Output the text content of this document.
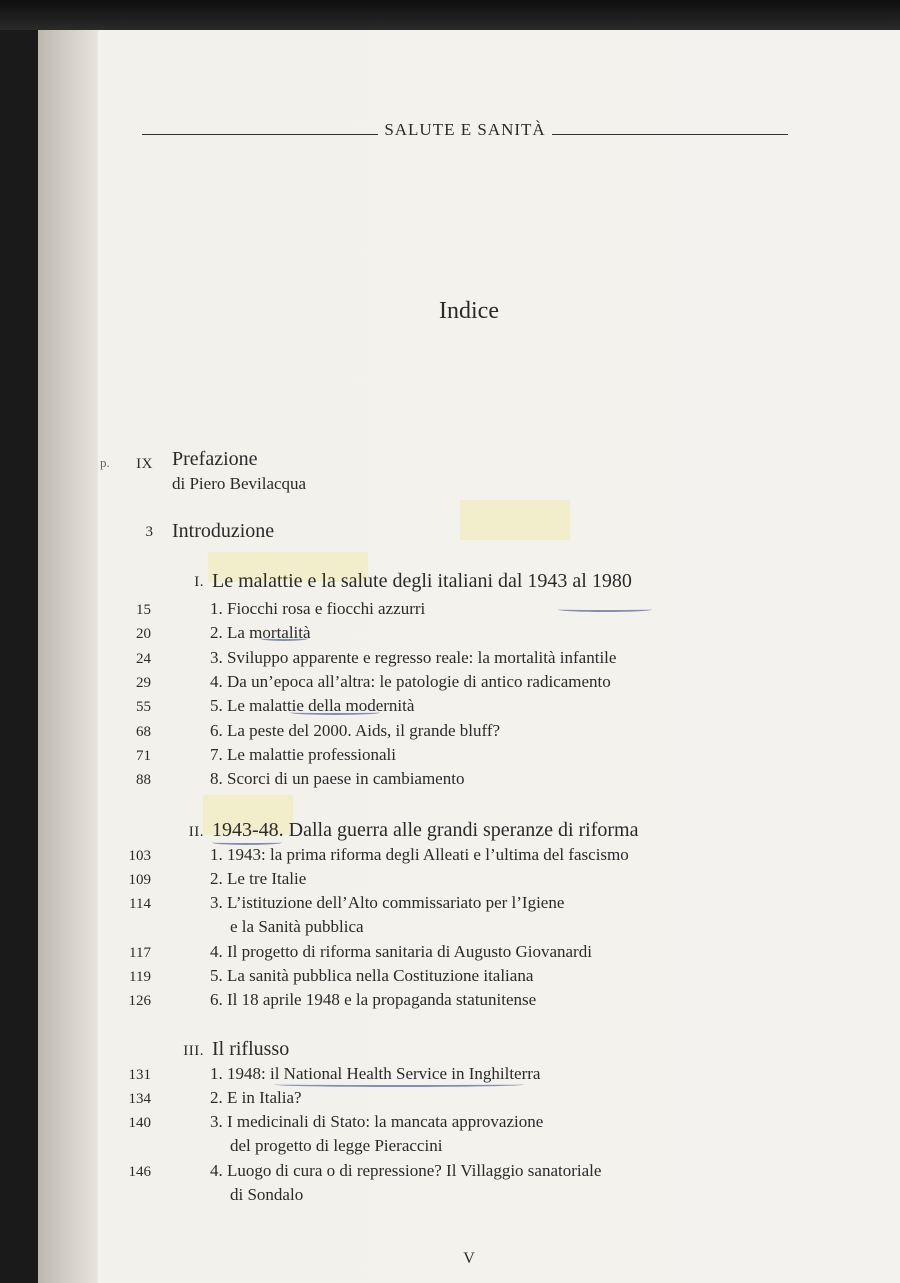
SALUTE E SANITÀ
Indice
p.	IX Prefazione
di Piero Bevilacqua
3 Introduzione
I. Le malattie e la salute degli italiani dal 1943 al 1980
15	1. Fiocchi rosa e fiocchi azzurri
20	2. La mortalità
24	3. Sviluppo apparente e regresso reale: la mortalità infantile
29	4. Da un’epoca all’altra: le patologie di antico radicamento
55	5. Le malattie della modernità
68	6. La peste del 2000. Aids, il grande bluff?
71	7. Le malattie professionali
88	8. Scorci di un paese in cambiamento
II. 1943-48. Dalla guerra alle grandi speranze di riforma
103	1. 1943: la prima riforma degli Alleati e l’ultima del fascismo
109	2. Le tre Italie
114	3. L’istituzione dell’Alto commissariato per l’Igiene
e la Sanità pubblica
117	4. Il progetto di riforma sanitaria di Augusto Giovanardi
119	5. La sanità pubblica nella Costituzione italiana
126	6. Il 18 aprile 1948 e la propaganda statunitense
III. Il riflusso
131	1. 1948: il National Health Service in Inghilterra
134	2. E in Italia?
140	3. I medicinali di Stato: la mancata approvazione
del progetto di legge Pieraccini
146	4. Luogo di cura o di repressione? Il Villaggio sanatoriale
di Sondalo
V
